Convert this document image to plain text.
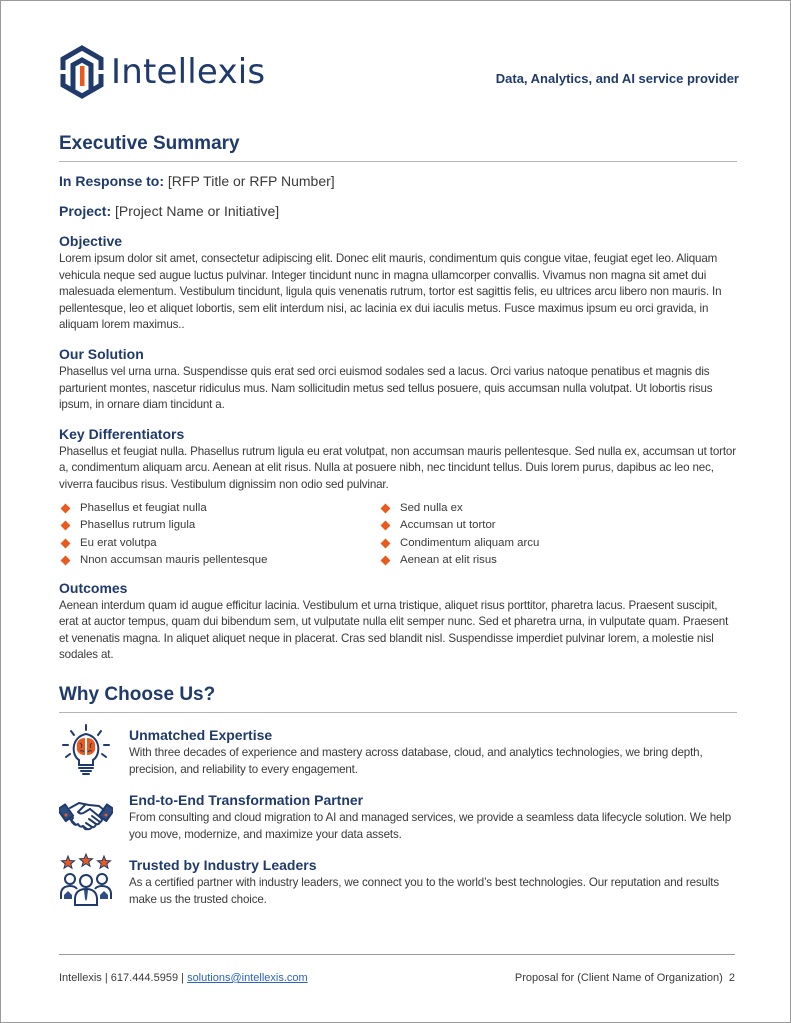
Intellexis	Data, Analytics, and AI service provider
Executive Summary
In Response to: [RFP Title or RFP Number]
Project: [Project Name or Initiative]
Objective

Lorem ipsum dolor sit amet, consectetur adipiscing elit. Donec elit mauris, condimentum quis congue vitae, feugiat eget leo. Aliquam vehicula neque sed augue luctus pulvinar. Integer tincidunt nunc in magna ullamcorper convallis. Vivamus non magna sit amet dui malesuada elementum. Vestibulum tincidunt, ligula quis venenatis rutrum, tortor est sagittis felis, eu ultrices arcu libero non mauris. In pellentesque, leo et aliquet lobortis, sem elit interdum nisi, ac lacinia ex dui iaculis metus. Fusce maximus ipsum eu orci gravida, in aliquam lorem maximus..

Our Solution

Phasellus vel urna urna. Suspendisse quis erat sed orci euismod sodales sed a lacus. Orci varius natoque penatibus et magnis dis parturient montes, nascetur ridiculus mus. Nam sollicitudin metus sed tellus posuere, quis accumsan nulla volutpat. Ut lobortis risus ipsum, in ornare diam tincidunt a.

Key Differentiators

Phasellus et feugiat nulla. Phasellus rutrum ligula eu erat volutpat, non accumsan mauris pellentesque. Sed nulla ex, accumsan ut tortor a, condimentum aliquam arcu. Aenean at elit risus. Nulla at posuere nibh, nec tincidunt tellus. Duis lorem purus, dapibus ac leo nec, viverra faucibus risus. Vestibulum dignissim non odio sed pulvinar.

Phasellus et feugiat nulla
Phasellus rutrum ligula
Eu erat volutpa
Nnon accumsan mauris pellentesque
Sed nulla ex
Accumsan ut tortor
Condimentum aliquam arcu
Aenean at elit risus
Outcomes

Aenean interdum quam id augue efficitur lacinia. Vestibulum et urna tristique, aliquet risus porttitor, pharetra lacus. Praesent suscipit, erat at auctor tempus, quam dui bibendum sem, ut vulputate nulla elit semper nunc. Sed et pharetra urna, in vulputate quam. Praesent et venenatis magna. In aliquet aliquet neque in placerat. Cras sed blandit nisl. Suspendisse imperdiet pulvinar lorem, a molestie nisl sodales at.

Why Choose Us?
Unmatched Expertise

With three decades of experience and mastery across database, cloud, and analytics technologies, we bring depth, precision, and reliability to every engagement.

End-to-End Transformation Partner

From consulting and cloud migration to AI and managed services, we provide a seamless data lifecycle solution. We help you move, modernize, and maximize your data assets.

Trusted by Industry Leaders

As a certified partner with industry leaders, we connect you to the world’s best technologies. Our reputation and results make us the trusted choice.

Intellexis | 617.444.5959 | solutions@intellexis.com	Proposal for (Client Name of Organization) 2
